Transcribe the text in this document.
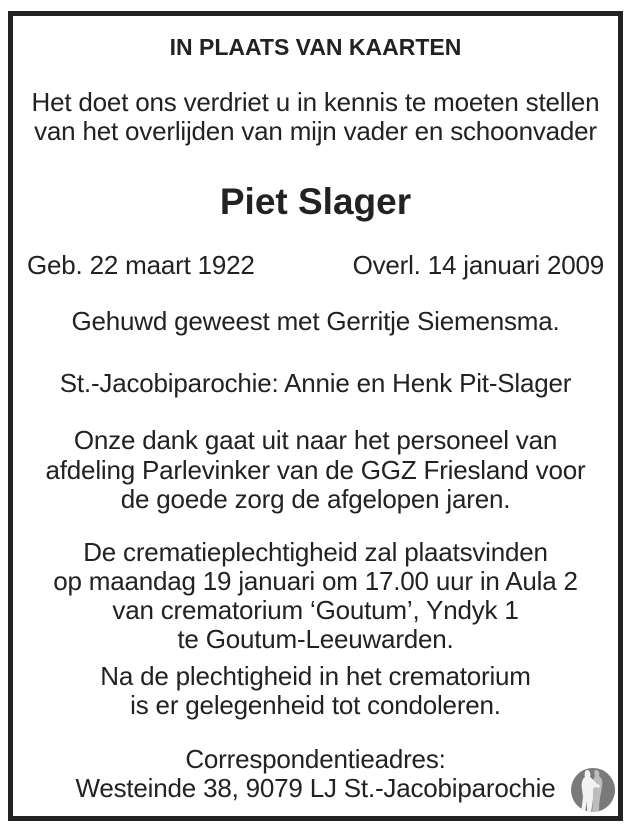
IN PLAATS VAN KAARTEN
Het doet ons verdriet u in kennis te moeten stellen
van het overlijden van mijn vader en schoonvader
Piet Slager
Geb. 22 maart 1922	Overl. 14 januari 2009
Gehuwd geweest met Gerritje Siemensma.
St.-Jacobiparochie: Annie en Henk Pit-Slager
Onze dank gaat uit naar het personeel van
afdeling Parlevinker van de GGZ Friesland voor
de goede zorg de afgelopen jaren.
De crematieplechtigheid zal plaatsvinden
op maandag 19 januari om 17.00 uur in Aula 2
van crematorium ‘Goutum’, Yndyk 1
te Goutum-Leeuwarden.
Na de plechtigheid in het crematorium
is er gelegenheid tot condoleren.
Correspondentieadres:
Westeinde 38, 9079 LJ St.-Jacobiparochie
